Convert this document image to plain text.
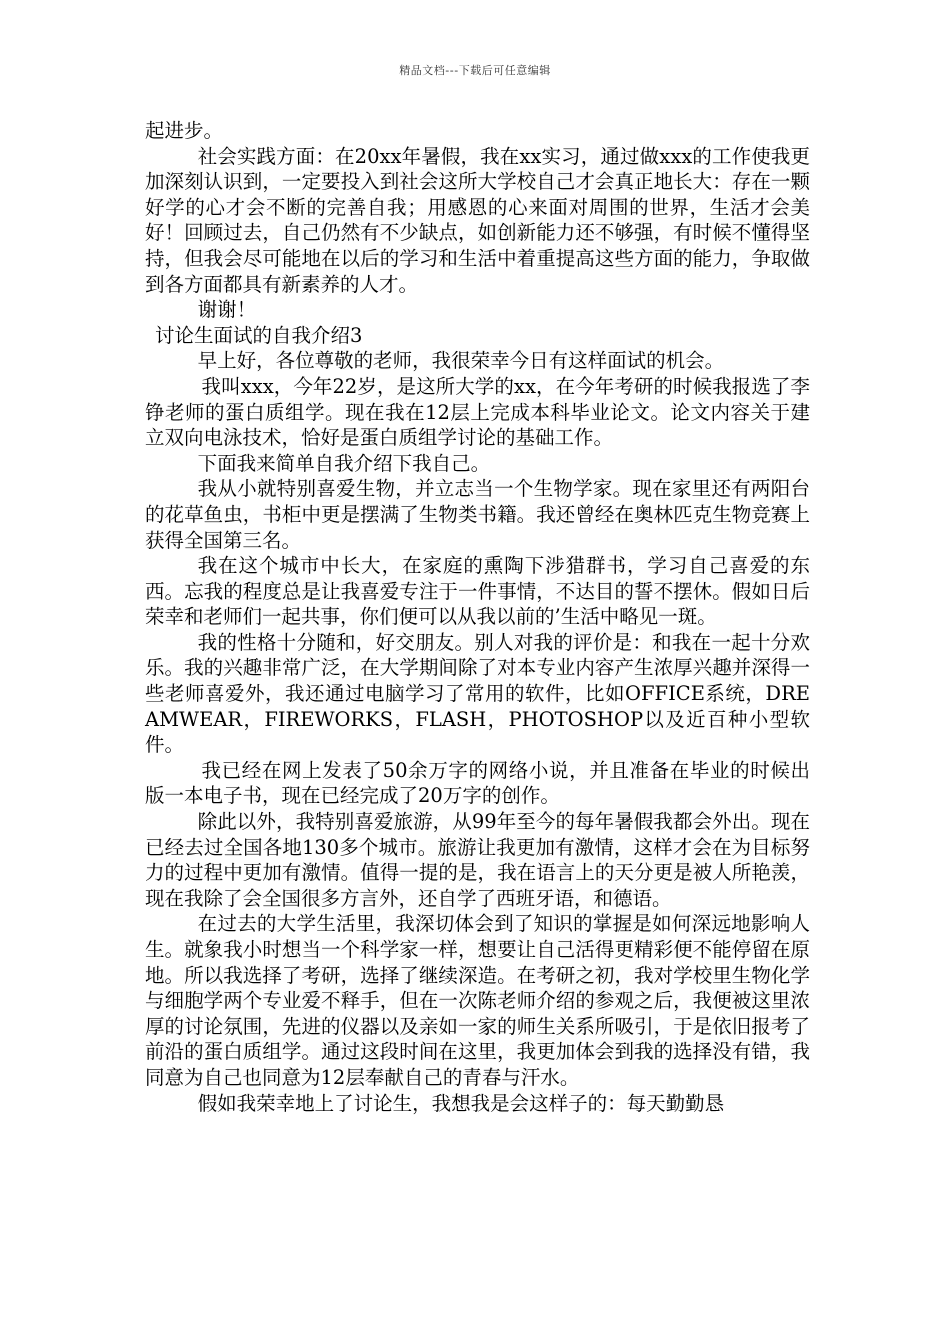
精品文档---下载后可任意编辑

起进步。

社会实践方面：在20xx年暑假，我在xx实习，通过做xxx的工作使我更加深刻认识到，一定要投入到社会这所大学校自己才会真正地长大：存在一颗好学的心才会不断的完善自我；用感恩的心来面对周围的世界，生活才会美好！回顾过去，自己仍然有不少缺点，如创新能力还不够强，有时候不懂得坚持，但我会尽可能地在以后的学习和生活中着重提高这些方面的能力，争取做到各方面都具有新素养的人才。

谢谢！

讨论生面试的自我介绍3

早上好，各位尊敬的老师，我很荣幸今日有这样面试的机会。

我叫xxx，今年22岁，是这所大学的xx，在今年考研的时候我报选了李铮老师的蛋白质组学。现在我在12层上完成本科毕业论文。论文内容关于建立双向电泳技术，恰好是蛋白质组学讨论的基础工作。

下面我来简单自我介绍下我自己。

我从小就特别喜爱生物，并立志当一个生物学家。现在家里还有两阳台的花草鱼虫，书柜中更是摆满了生物类书籍。我还曾经在奥林匹克生物竞赛上获得全国第三名。

我在这个城市中长大，在家庭的熏陶下涉猎群书，学习自己喜爱的东西。忘我的程度总是让我喜爱专注于一件事情，不达目的誓不摆休。假如日后荣幸和老师们一起共事，你们便可以从我以前的’生活中略见一斑。

我的性格十分随和，好交朋友。别人对我的评价是：和我在一起十分欢乐。我的兴趣非常广泛，在大学期间除了对本专业内容产生浓厚兴趣并深得一些老师喜爱外，我还通过电脑学习了常用的软件，比如OFFICE系统，DREAMWEAR，FIREWORKS，FLASH，PHOTOSHOP以及近百种小型软件。

我已经在网上发表了50余万字的网络小说，并且准备在毕业的时候出版一本电子书，现在已经完成了20万字的创作。

除此以外，我特别喜爱旅游，从99年至今的每年暑假我都会外出。现在已经去过全国各地130多个城市。旅游让我更加有激情，这样才会在为目标努力的过程中更加有激情。值得一提的是，我在语言上的天分更是被人所艳羡，现在我除了会全国很多方言外，还自学了西班牙语，和德语。

在过去的大学生活里，我深切体会到了知识的掌握是如何深远地影响人生。就象我小时想当一个科学家一样，想要让自己活得更精彩便不能停留在原地。所以我选择了考研，选择了继续深造。在考研之初，我对学校里生物化学与细胞学两个专业爱不释手，但在一次陈老师介绍的参观之后，我便被这里浓厚的讨论氛围，先进的仪器以及亲如一家的师生关系所吸引，于是依旧报考了前沿的蛋白质组学。通过这段时间在这里，我更加体会到我的选择没有错，我同意为自己也同意为12层奉献自己的青春与汗水。

假如我荣幸地上了讨论生，我想我是会这样子的：每天勤勤恳
